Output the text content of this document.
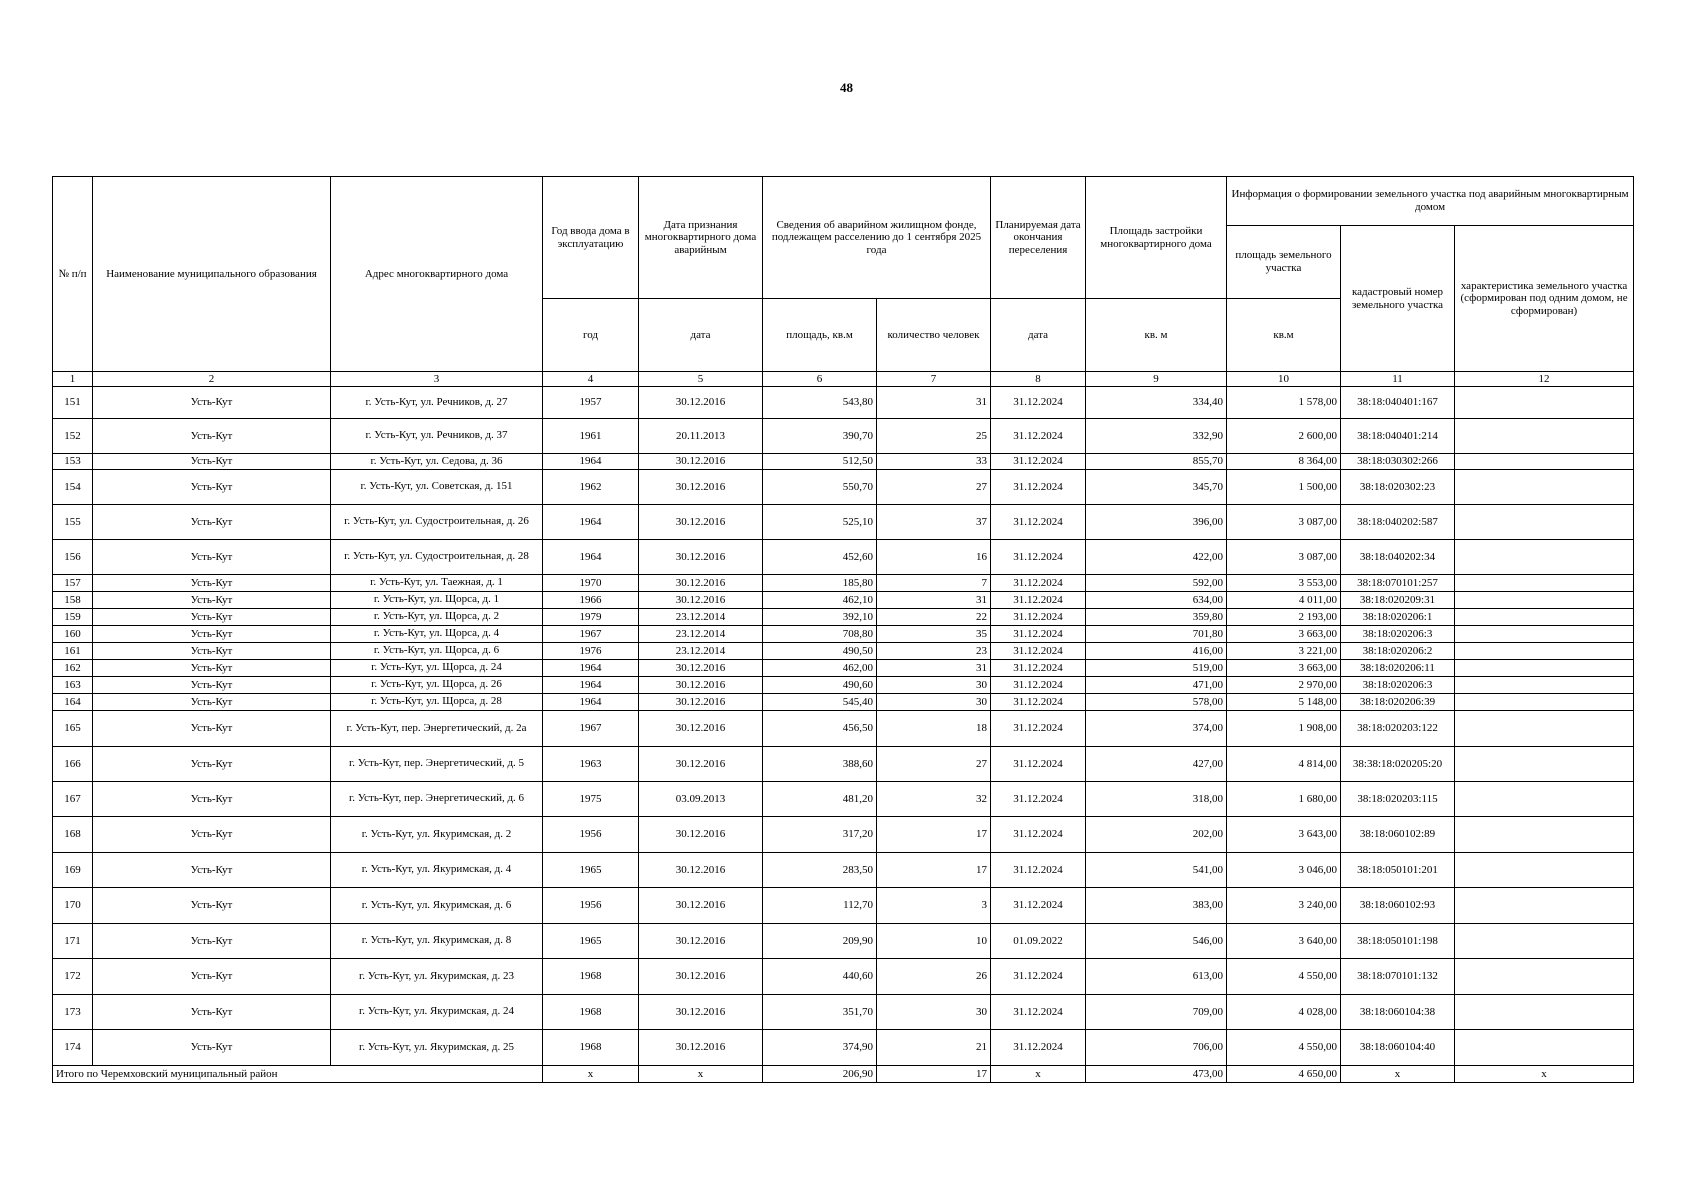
48
№ п/п	Наименование муниципального образования	Адрес многоквартирного дома	Год ввода дома в эксплуатацию	Дата признания многоквартирного дома аварийным	Сведения об аварийном жилищном фонде, подлежащем расселению до 1 сентября 2025 года		Планируемая дата окончания переселения	Площадь застройки многоквартирного дома	Информация о формировании земельного участка под аварийным многоквартирным домом		
									площадь земельного участка	кадастровый номер земельного участка	характеристика земельного участка (сформирован под одним домом, не сформирован)
			год	дата	площадь, кв.м	количество человек	дата	кв. м	кв.м		
1	2	3	4	5	6	7	8	9	10	11	12
151	Усть-Кут	г. Усть-Кут, ул. Речников, д. 27	1957	30.12.2016	543,80	31	31.12.2024	334,40	1 578,00	38:18:040401:167	
152	Усть-Кут	г. Усть-Кут, ул. Речников, д. 37	1961	20.11.2013	390,70	25	31.12.2024	332,90	2 600,00	38:18:040401:214	
153	Усть-Кут	г. Усть-Кут, ул. Седова, д. 36	1964	30.12.2016	512,50	33	31.12.2024	855,70	8 364,00	38:18:030302:266	
154	Усть-Кут	г. Усть-Кут, ул. Советская, д. 151	1962	30.12.2016	550,70	27	31.12.2024	345,70	1 500,00	38:18:020302:23	
155	Усть-Кут	г. Усть-Кут, ул. Судостроительная, д. 26	1964	30.12.2016	525,10	37	31.12.2024	396,00	3 087,00	38:18:040202:587	
156	Усть-Кут	г. Усть-Кут, ул. Судостроительная, д. 28	1964	30.12.2016	452,60	16	31.12.2024	422,00	3 087,00	38:18:040202:34	
157	Усть-Кут	г. Усть-Кут, ул. Таежная, д. 1	1970	30.12.2016	185,80	7	31.12.2024	592,00	3 553,00	38:18:070101:257	
158	Усть-Кут	г. Усть-Кут, ул. Щорса, д. 1	1966	30.12.2016	462,10	31	31.12.2024	634,00	4 011,00	38:18:020209:31	
159	Усть-Кут	г. Усть-Кут, ул. Щорса, д. 2	1979	23.12.2014	392,10	22	31.12.2024	359,80	2 193,00	38:18:020206:1	
160	Усть-Кут	г. Усть-Кут, ул. Щорса, д. 4	1967	23.12.2014	708,80	35	31.12.2024	701,80	3 663,00	38:18:020206:3	
161	Усть-Кут	г. Усть-Кут, ул. Щорса, д. 6	1976	23.12.2014	490,50	23	31.12.2024	416,00	3 221,00	38:18:020206:2	
162	Усть-Кут	г. Усть-Кут, ул. Щорса, д. 24	1964	30.12.2016	462,00	31	31.12.2024	519,00	3 663,00	38:18:020206:11	
163	Усть-Кут	г. Усть-Кут, ул. Щорса, д. 26	1964	30.12.2016	490,60	30	31.12.2024	471,00	2 970,00	38:18:020206:3	
164	Усть-Кут	г. Усть-Кут, ул. Щорса, д. 28	1964	30.12.2016	545,40	30	31.12.2024	578,00	5 148,00	38:18:020206:39	
165	Усть-Кут	г. Усть-Кут, пер. Энергетический, д. 2а	1967	30.12.2016	456,50	18	31.12.2024	374,00	1 908,00	38:18:020203:122	
166	Усть-Кут	г. Усть-Кут, пер. Энергетический, д. 5	1963	30.12.2016	388,60	27	31.12.2024	427,00	4 814,00	38:38:18:020205:20	
167	Усть-Кут	г. Усть-Кут, пер. Энергетический, д. 6	1975	03.09.2013	481,20	32	31.12.2024	318,00	1 680,00	38:18:020203:115	
168	Усть-Кут	г. Усть-Кут, ул. Якуримская, д. 2	1956	30.12.2016	317,20	17	31.12.2024	202,00	3 643,00	38:18:060102:89	
169	Усть-Кут	г. Усть-Кут, ул. Якуримская, д. 4	1965	30.12.2016	283,50	17	31.12.2024	541,00	3 046,00	38:18:050101:201	
170	Усть-Кут	г. Усть-Кут, ул. Якуримская, д. 6	1956	30.12.2016	112,70	3	31.12.2024	383,00	3 240,00	38:18:060102:93	
171	Усть-Кут	г. Усть-Кут, ул. Якуримская, д. 8	1965	30.12.2016	209,90	10	01.09.2022	546,00	3 640,00	38:18:050101:198	
172	Усть-Кут	г. Усть-Кут, ул. Якуримская, д. 23	1968	30.12.2016	440,60	26	31.12.2024	613,00	4 550,00	38:18:070101:132	
173	Усть-Кут	г. Усть-Кут, ул. Якуримская, д. 24	1968	30.12.2016	351,70	30	31.12.2024	709,00	4 028,00	38:18:060104:38	
174	Усть-Кут	г. Усть-Кут, ул. Якуримская, д. 25	1968	30.12.2016	374,90	21	31.12.2024	706,00	4 550,00	38:18:060104:40	
Итого по Черемховский муниципальный район			x	x	206,90	17	x	473,00	4 650,00	x	x
